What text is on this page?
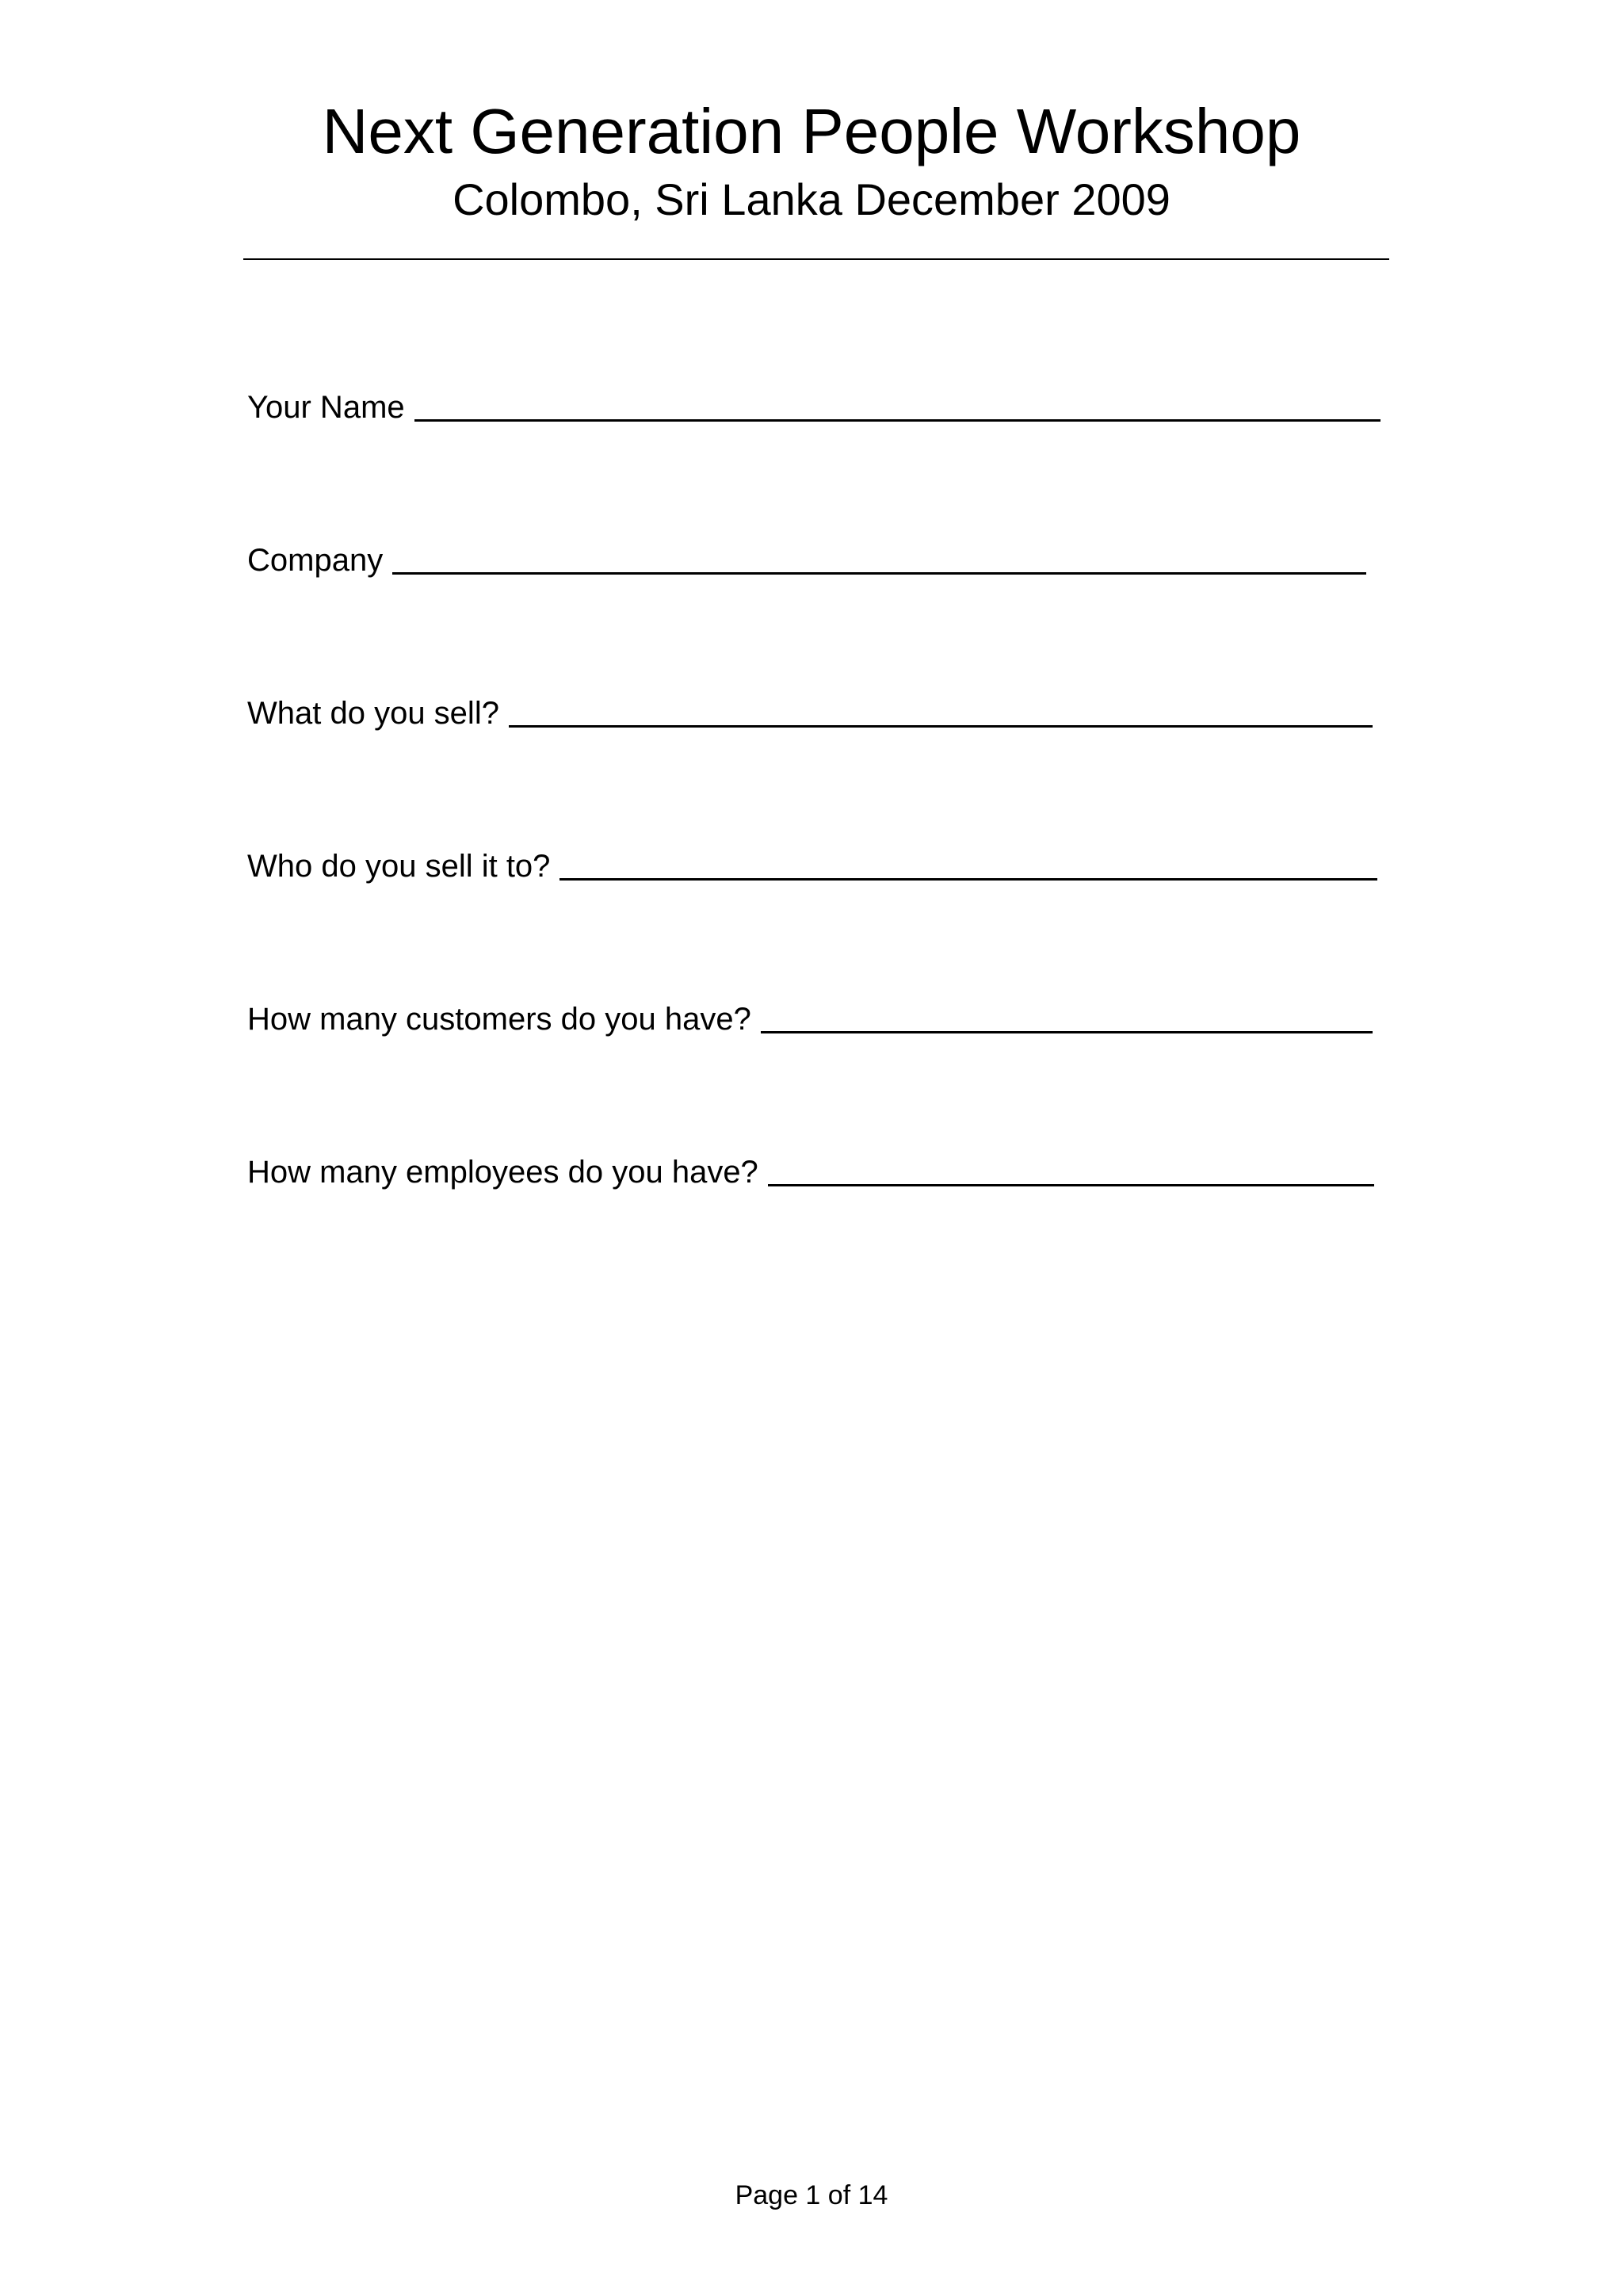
Next Generation People Workshop
Colombo, Sri Lanka December 2009
Your Name
Company
What do you sell?
Who do you sell it to?
How many customers do you have?
How many employees do you have?
Page 1 of 14
